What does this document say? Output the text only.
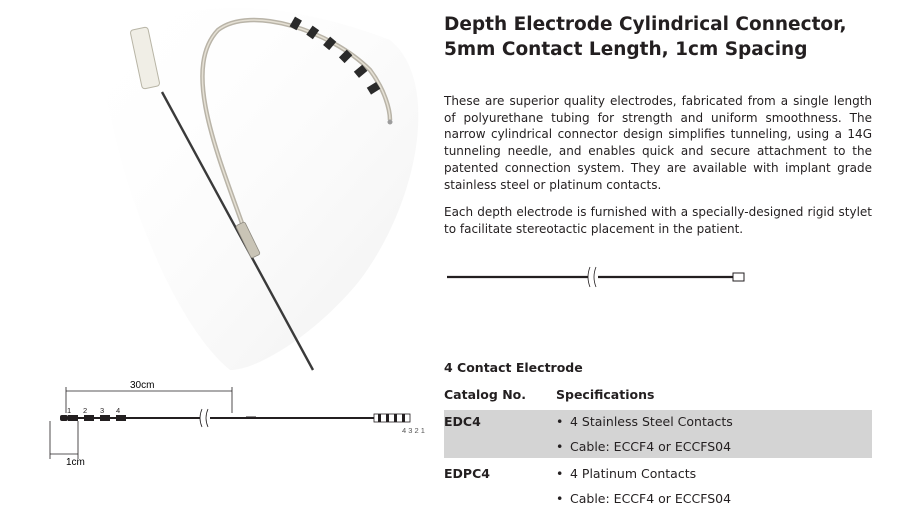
30cm
1 2 3 4
4 3 2 1
1cm
Depth Electrode Cylindrical Connector,
5mm Contact Length, 1cm Spacing

These are superior quality electrodes, fabricated from a single length of polyurethane tubing for strength and uniform smoothness. The narrow cylindrical connector design simplifies tunneling, using a 14G tunneling needle, and enables quick and secure attachment to the patented connection system. They are available with implant grade stainless steel or platinum contacts.

Each depth electrode is furnished with a specially-designed rigid stylet to facilitate stereotactic placement in the patient.

4 Contact Electrode
Catalog No. Specifications
EDC4	• 4 Stainless Steel Contacts
• Cable: ECCF4 or ECCFS04
EDPC4	• 4 Platinum Contacts
• Cable: ECCF4 or ECCFS04
